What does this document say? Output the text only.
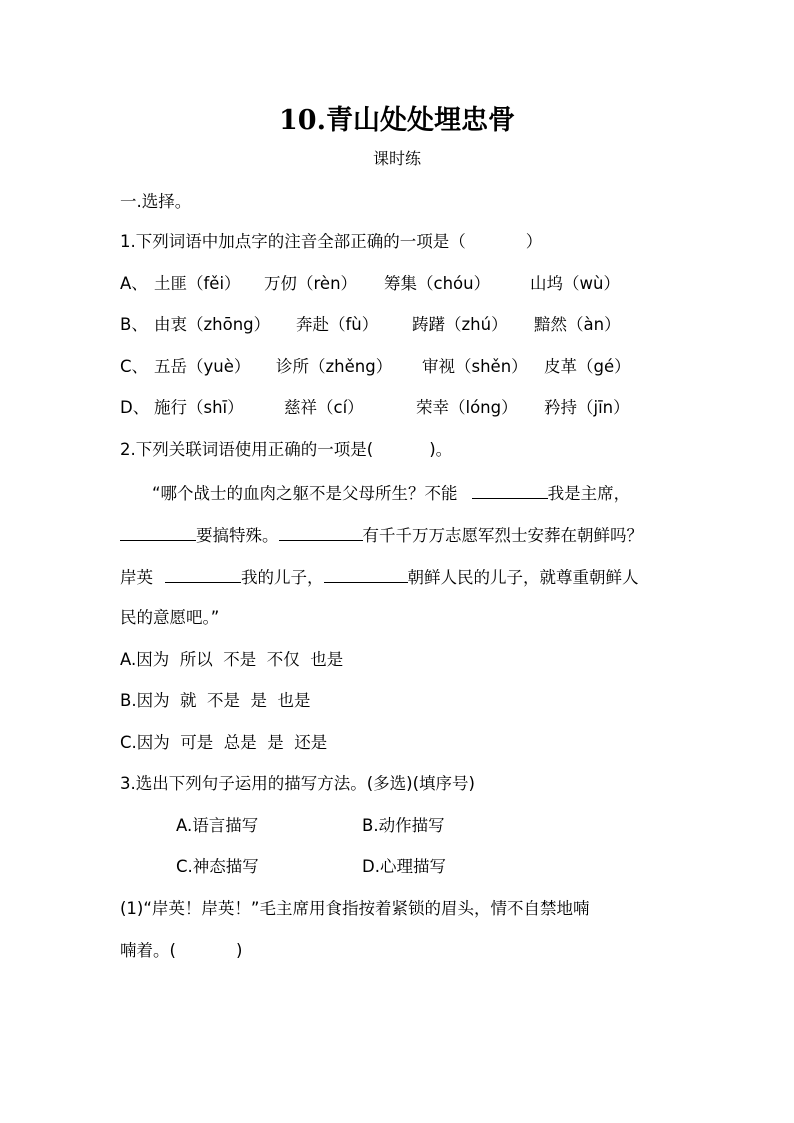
10.青山处处埋忠骨
课时练
一.选择。
1.下列词语中加点字的注音全部正确的一项是（	）
A、 土匪（fěi） 万仞（rèn） 筹集（chóu） 山坞（wù）
B、 由衷（zhōng） 奔赴（fù） 踌躇（zhú） 黯然（àn）
C、 五岳（yuè） 诊所（zhěng） 审视（shěn） 皮革（gé）
D、 施行（shī） 慈祥（cí）	荣幸（lóng） 矜持（jīn）
2.下列关联词语使用正确的一项是(	)。
“哪个战士的血肉之躯不是父母所生？不能	我是主席，
要搞特殊。	有千千万万志愿军烈士安葬在朝鲜吗？
岸英	我的儿子，	朝鲜人民的儿子，就尊重朝鲜人
民的意愿吧。”
A.因为  所以  不是  不仅  也是
B.因为  就  不是  是  也是
C.因为  可是  总是  是  还是
3.选出下列句子运用的描写方法。(多选)(填序号)
A.语言描写	B.动作描写
C.神态描写	D.心理描写
(1)“岸英！岸英！”毛主席用食指按着紧锁的眉头，情不自禁地喃
喃着。(	)
